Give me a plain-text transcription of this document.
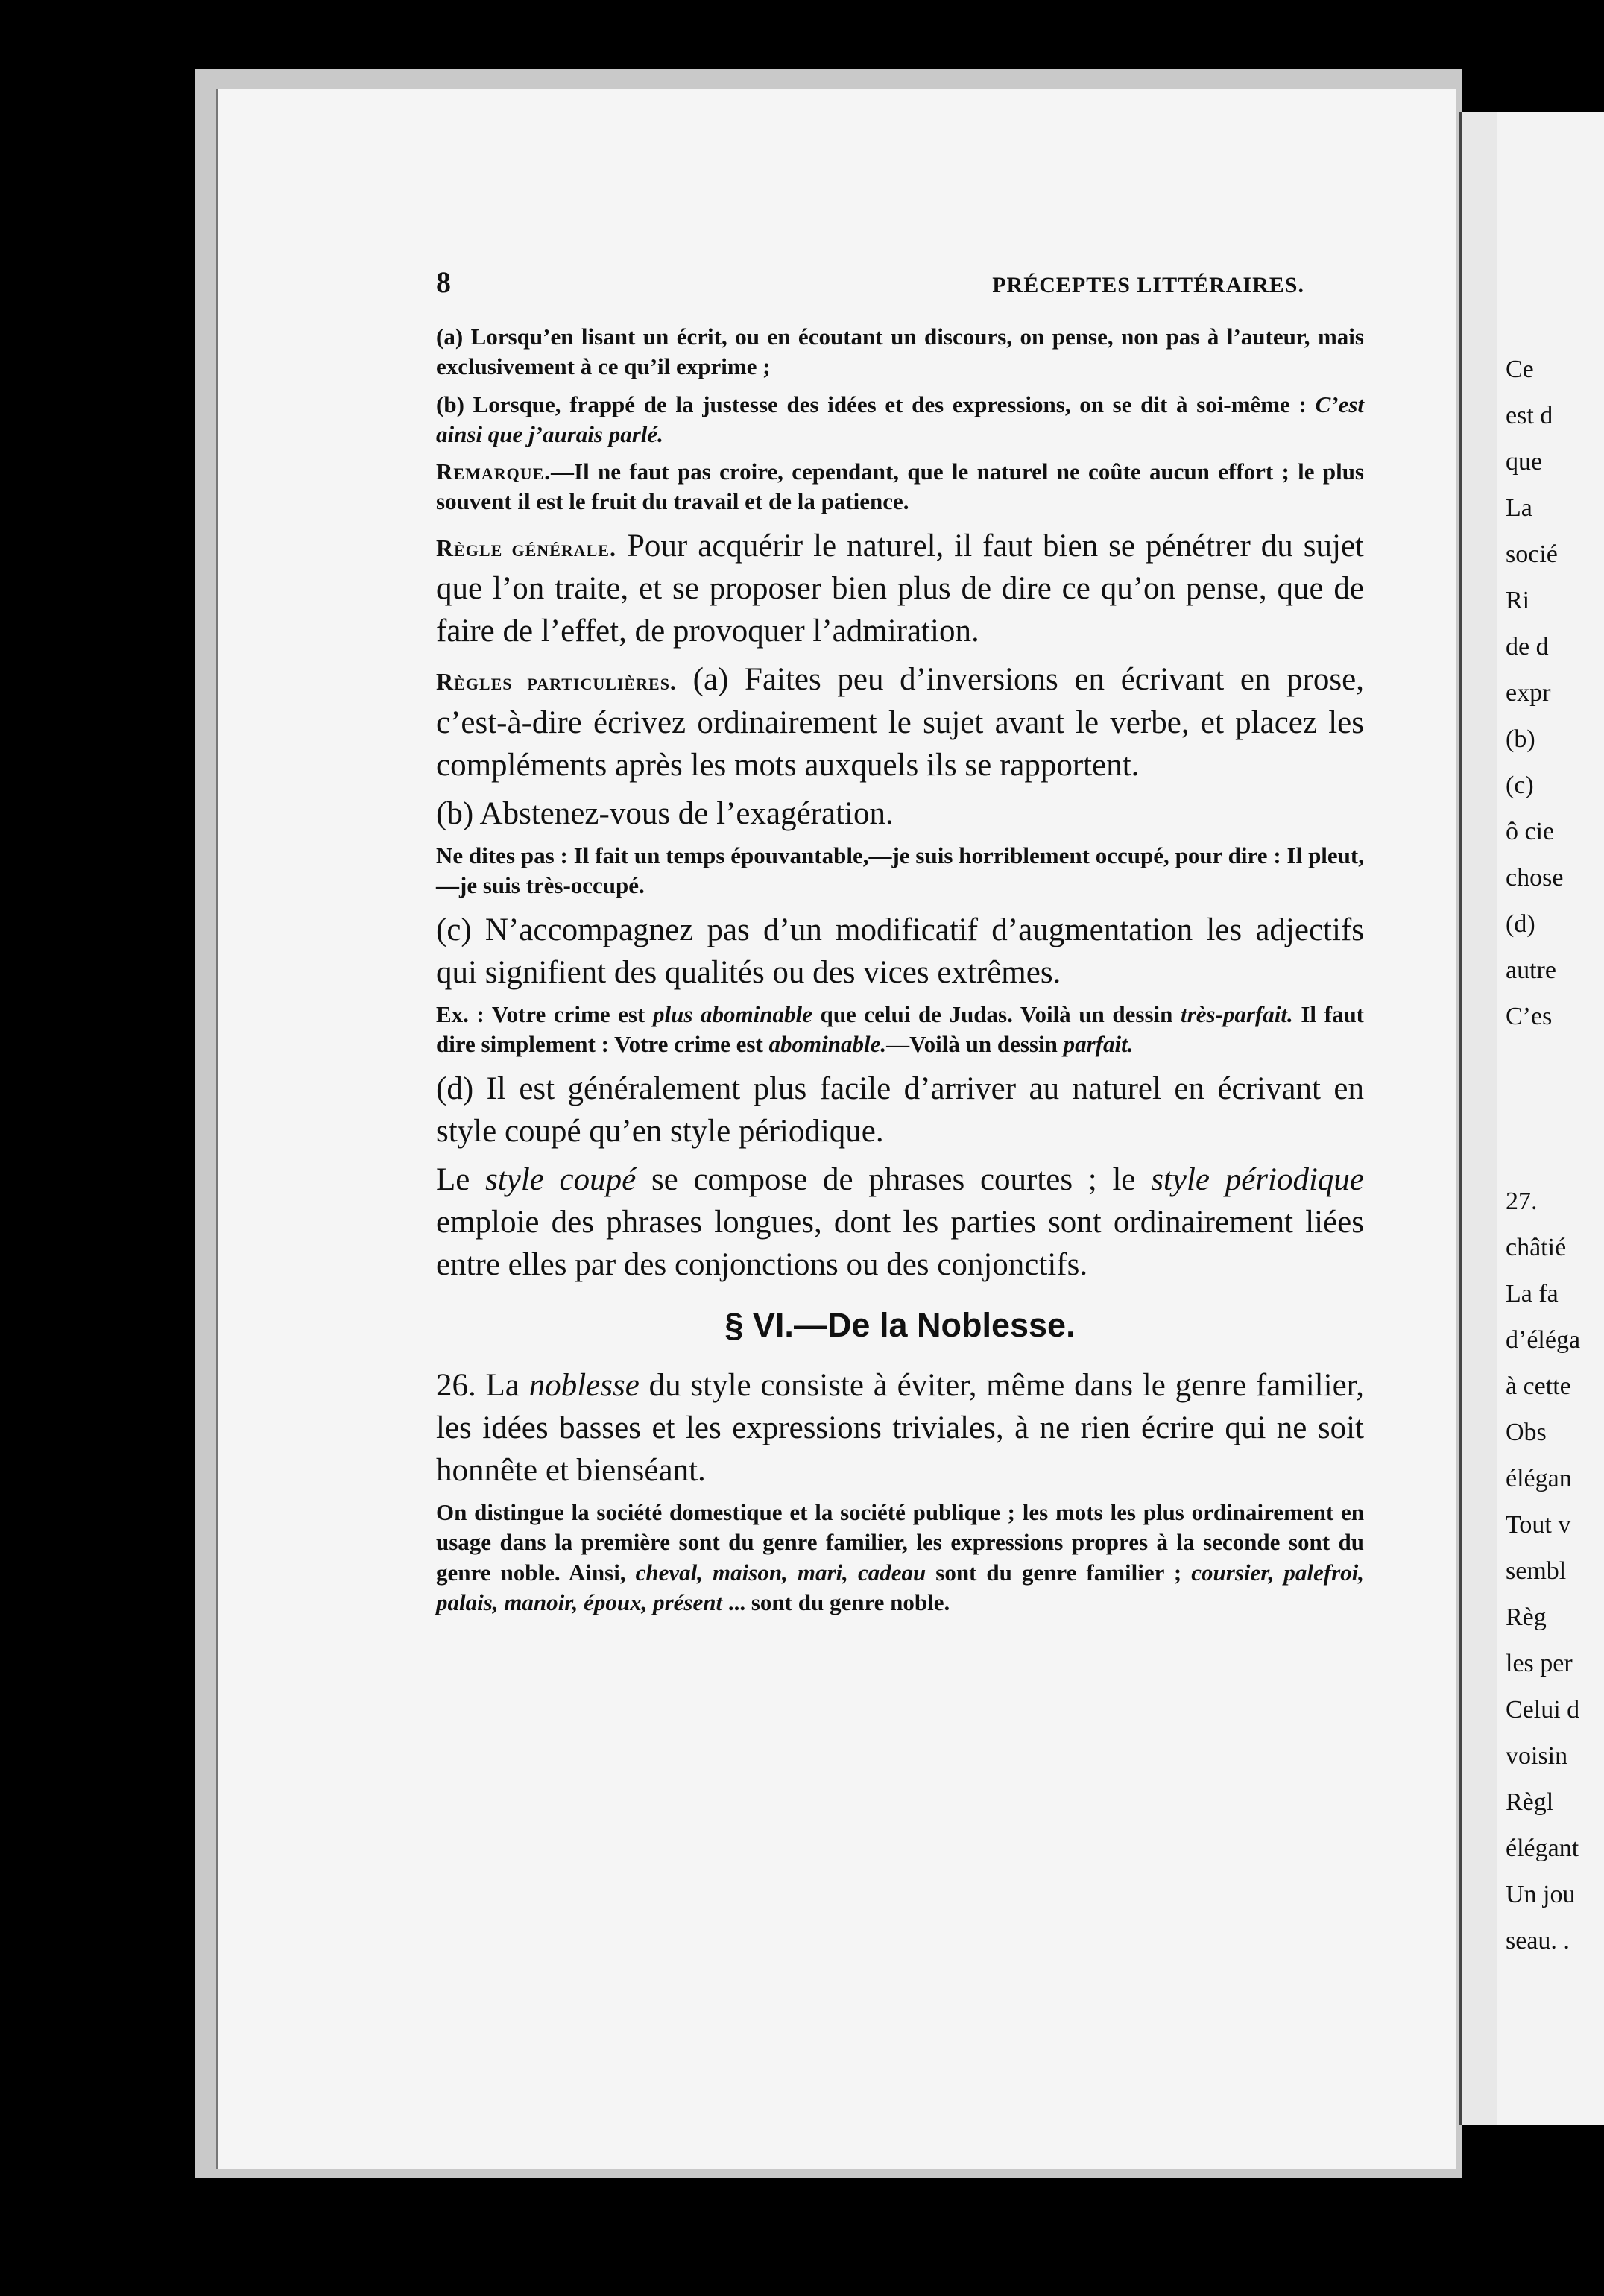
Ce
est d
que
La
socié
Ri
de d
expr
(b)
(c)
ô cie
chose
(d)
autre
C’es
27.
châtié
La fa
d’éléga
à cette
Obs
élégan
Tout v
sembl
Règ
les per
Celui d
voisin
Règl
élégant
Un jou
seau. .
8	PRÉCEPTES LITTÉRAIRES.

(a) Lorsqu’en lisant un écrit, ou en écoutant un discours, on pense, non pas à l’auteur, mais exclusivement à ce qu’il exprime ;

(b) Lorsque, frappé de la justesse des idées et des expressions, on se dit à soi-même : C’est ainsi que j’aurais parlé.

Remarque.—Il ne faut pas croire, cependant, que le naturel ne coûte aucun effort ; le plus souvent il est le fruit du travail et de la patience.

Règle générale. Pour acquérir le naturel, il faut bien se pénétrer du sujet que l’on traite, et se proposer bien plus de dire ce qu’on pense, que de faire de l’effet, de provoquer l’admiration.

Règles particulières. (a) Faites peu d’inversions en écrivant en prose, c’est-à-dire écrivez ordinairement le sujet avant le verbe, et placez les compléments après les mots auxquels ils se rapportent.

(b) Abstenez-vous de l’exagération.

Ne dites pas : Il fait un temps épouvantable,—je suis horriblement occupé, pour dire : Il pleut,—je suis très-occupé.

(c) N’accompagnez pas d’un modificatif d’augmentation les adjectifs qui signifient des qualités ou des vices extrêmes.

Ex. : Votre crime est plus abominable que celui de Judas. Voilà un dessin très-parfait. Il faut dire simplement : Votre crime est abominable.—Voilà un dessin parfait.

(d) Il est généralement plus facile d’arriver au naturel en écrivant en style coupé qu’en style périodique.

Le style coupé se compose de phrases courtes ; le style périodique emploie des phrases longues, dont les parties sont ordinairement liées entre elles par des conjonctions ou des conjonctifs.

§ VI.—De la Noblesse.

26. La noblesse du style consiste à éviter, même dans le genre familier, les idées basses et les expressions triviales, à ne rien écrire qui ne soit honnête et bienséant.

On distingue la société domestique et la société publique ; les mots les plus ordinairement en usage dans la première sont du genre familier, les expressions propres à la seconde sont du genre noble. Ainsi, cheval, maison, mari, cadeau sont du genre familier ; coursier, palefroi, palais, manoir, époux, présent ... sont du genre noble.
